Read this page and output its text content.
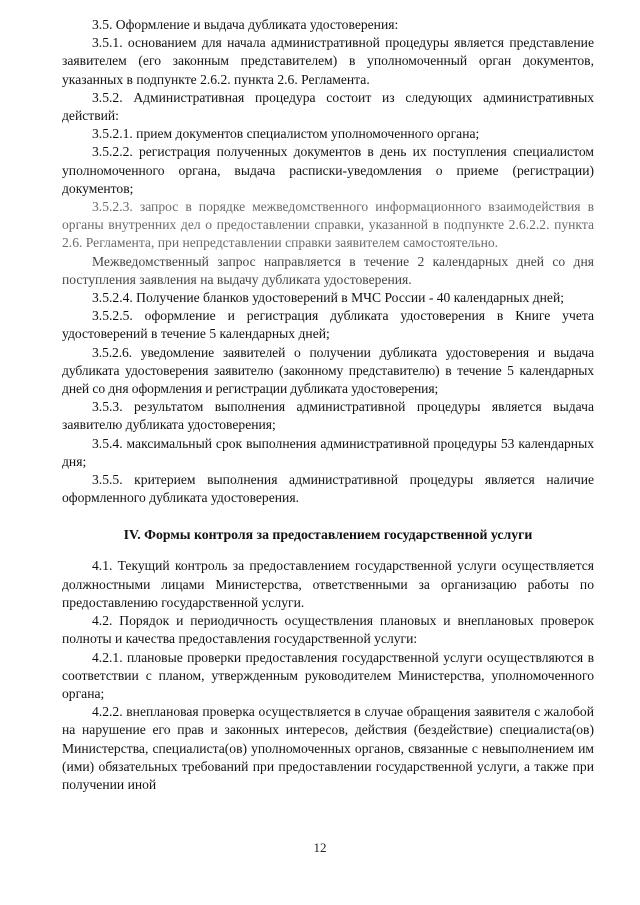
3.5. Оформление и выдача дубликата удостоверения:

3.5.1. основанием для начала административной процедуры является представление заявителем (его законным представителем) в уполномоченный орган документов, указанных в подпункте 2.6.2. пункта 2.6. Регламента.

3.5.2. Административная процедура состоит из следующих административных действий:

3.5.2.1. прием документов специалистом уполномоченного органа;

3.5.2.2. регистрация полученных документов в день их поступления специалистом уполномоченного органа, выдача расписки-уведомления о приеме (регистрации) документов;

3.5.2.3. запрос в порядке межведомственного информационного взаимодействия в органы внутренних дел о предоставлении справки, указанной в подпункте 2.6.2.2. пункта 2.6. Регламента, при непредставлении справки заявителем самостоятельно.

Межведомственный запрос направляется в течение 2 календарных дней со дня поступления заявления на выдачу дубликата удостоверения.

3.5.2.4. Получение бланков удостоверений в МЧС России - 40 календарных дней;

3.5.2.5. оформление и регистрация дубликата удостоверения в Книге учета удостоверений в течение 5 календарных дней;

3.5.2.6. уведомление заявителей о получении дубликата удостоверения и выдача дубликата удостоверения заявителю (законному представителю) в течение 5 календарных дней со дня оформления и регистрации дубликата удостоверения;

3.5.3. результатом выполнения административной процедуры является выдача заявителю дубликата удостоверения;

3.5.4. максимальный срок выполнения административной процедуры 53 календарных дня;

3.5.5. критерием выполнения административной процедуры является наличие оформленного дубликата удостоверения.

IV. Формы контроля за предоставлением государственной услуги

4.1. Текущий контроль за предоставлением государственной услуги осуществляется должностными лицами Министерства, ответственными за организацию работы по предоставлению государственной услуги.

4.2. Порядок и периодичность осуществления плановых и внеплановых проверок полноты и качества предоставления государственной услуги:

4.2.1. плановые проверки предоставления государственной услуги осуществляются в соответствии с планом, утвержденным руководителем Министерства, уполномоченного органа;

4.2.2. внеплановая проверка осуществляется в случае обращения заявителя с жалобой на нарушение его прав и законных интересов, действия (бездействие) специалиста(ов) Министерства, специалиста(ов) уполномоченных органов, связанные с невыполнением им (ими) обязательных требований при предоставлении государственной услуги, а также при получении иной

12
